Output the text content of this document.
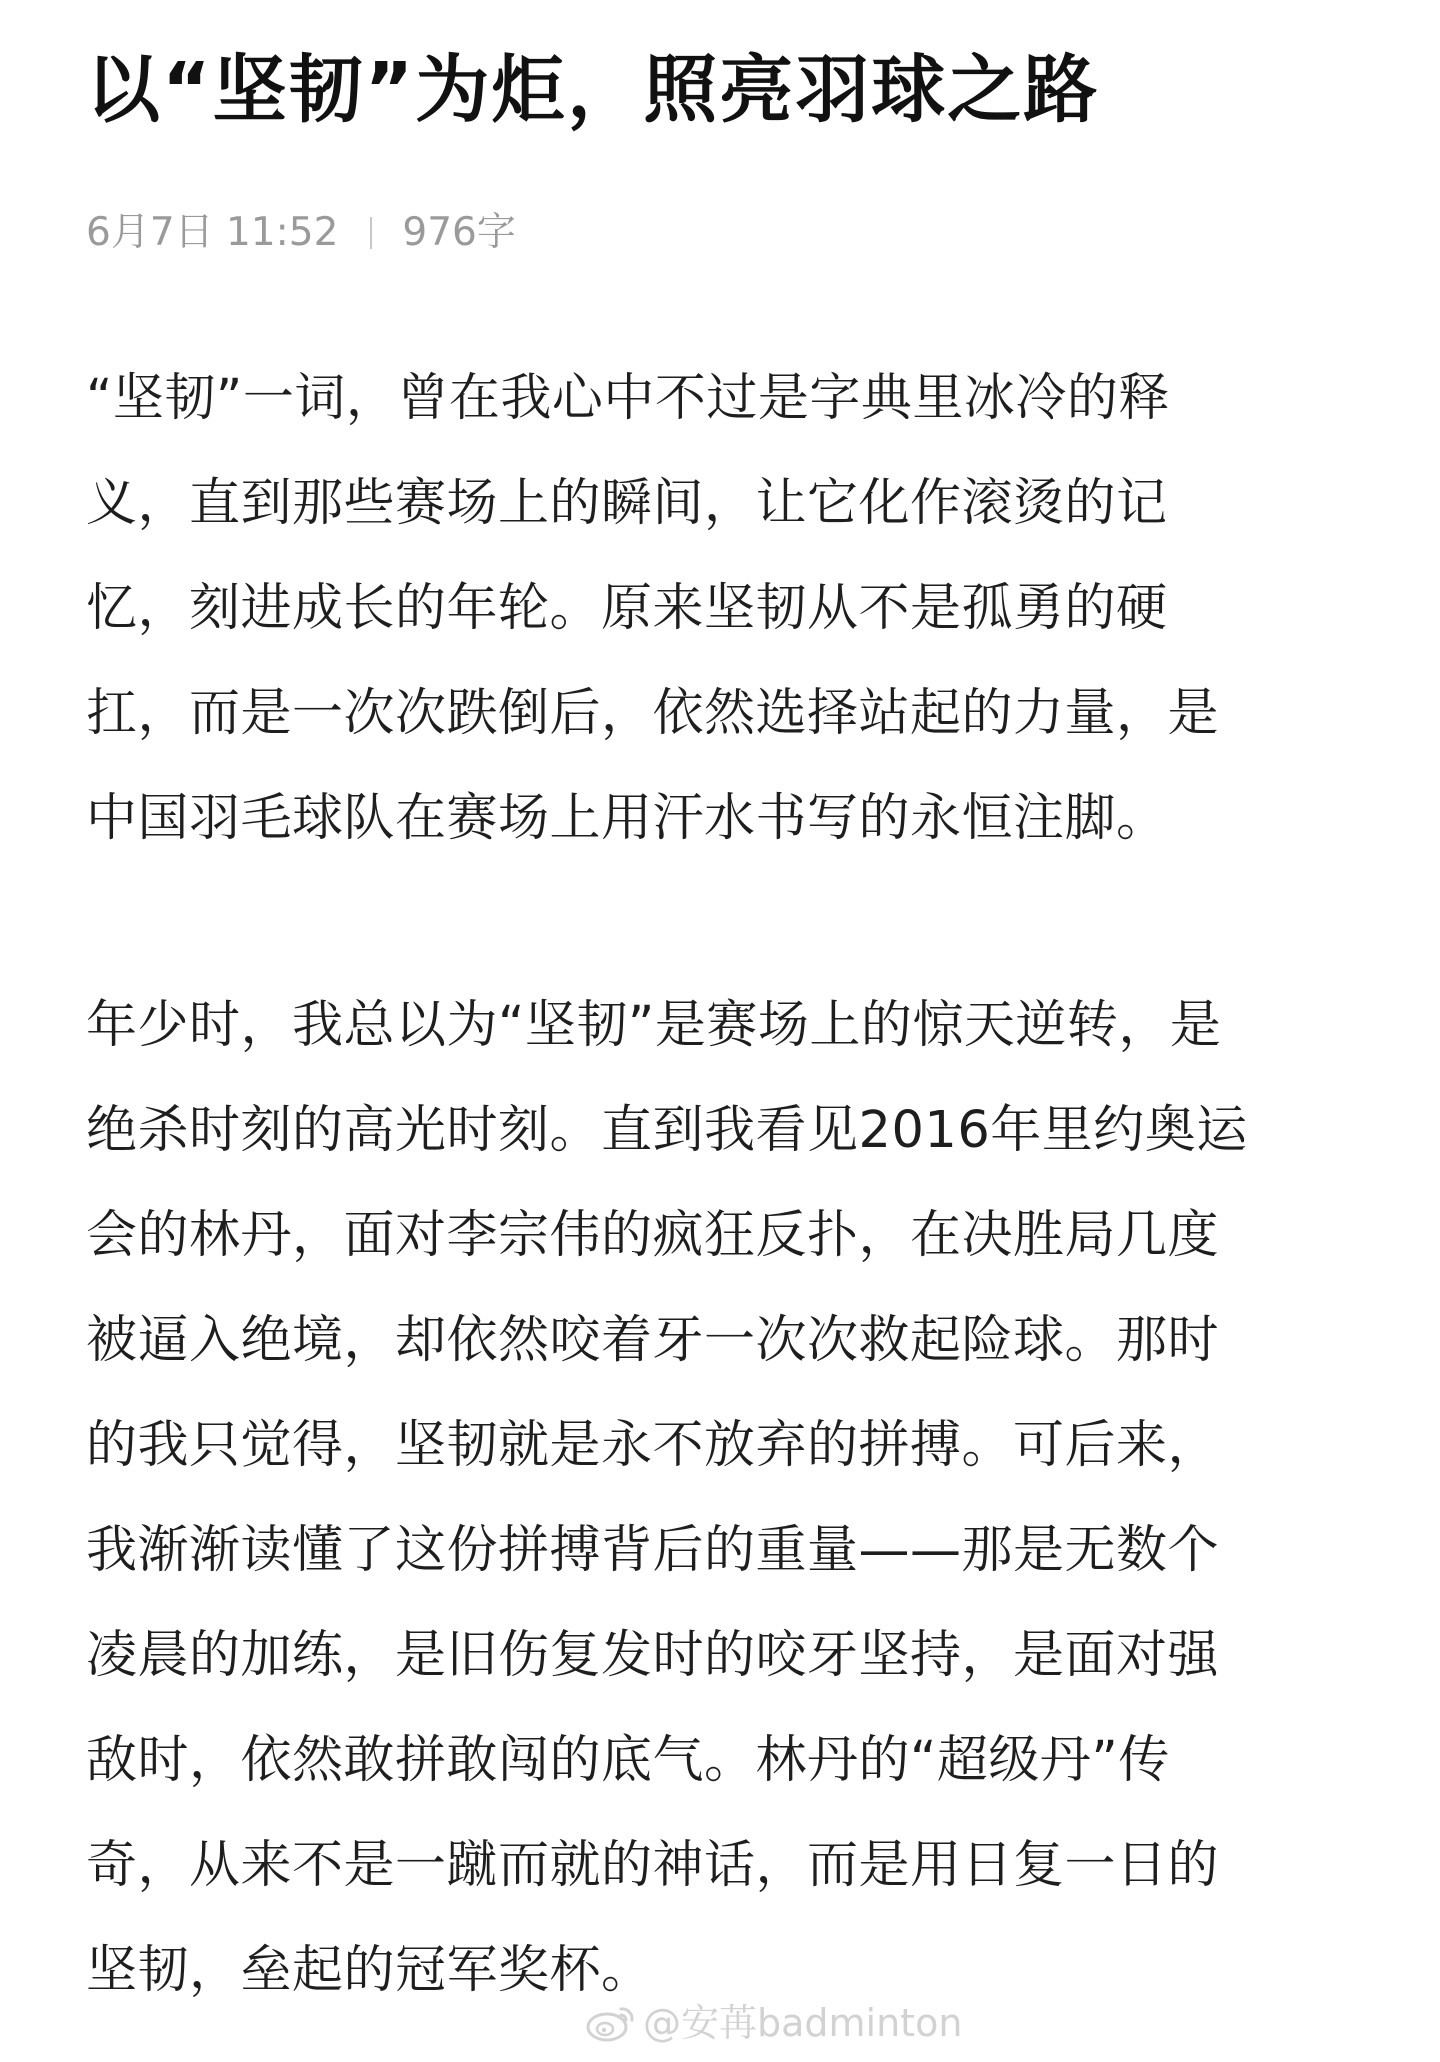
以“坚韧”为炬，照亮羽球之路
6月7日 11:52 976字

“坚韧”一词，曾在我心中不过是字典里冰冷的释
义，直到那些赛场上的瞬间，让它化作滚烫的记
忆，刻进成长的年轮。原来坚韧从不是孤勇的硬
扛，而是一次次跌倒后，依然选择站起的力量，是
中国羽毛球队在赛场上用汗水书写的永恒注脚。

年少时，我总以为“坚韧”是赛场上的惊天逆转，是
绝杀时刻的高光时刻。直到我看见2016年里约奥运
会的林丹，面对李宗伟的疯狂反扑，在决胜局几度
被逼入绝境，却依然咬着牙一次次救起险球。那时
的我只觉得，坚韧就是永不放弃的拼搏。可后来，
我渐渐读懂了这份拼搏背后的重量——那是无数个
凌晨的加练，是旧伤复发时的咬牙坚持，是面对强
敌时，依然敢拼敢闯的底气。林丹的“超级丹”传
奇，从来不是一蹴而就的神话，而是用日复一日的
坚韧，垒起的冠军奖杯。

@安苒badminton
